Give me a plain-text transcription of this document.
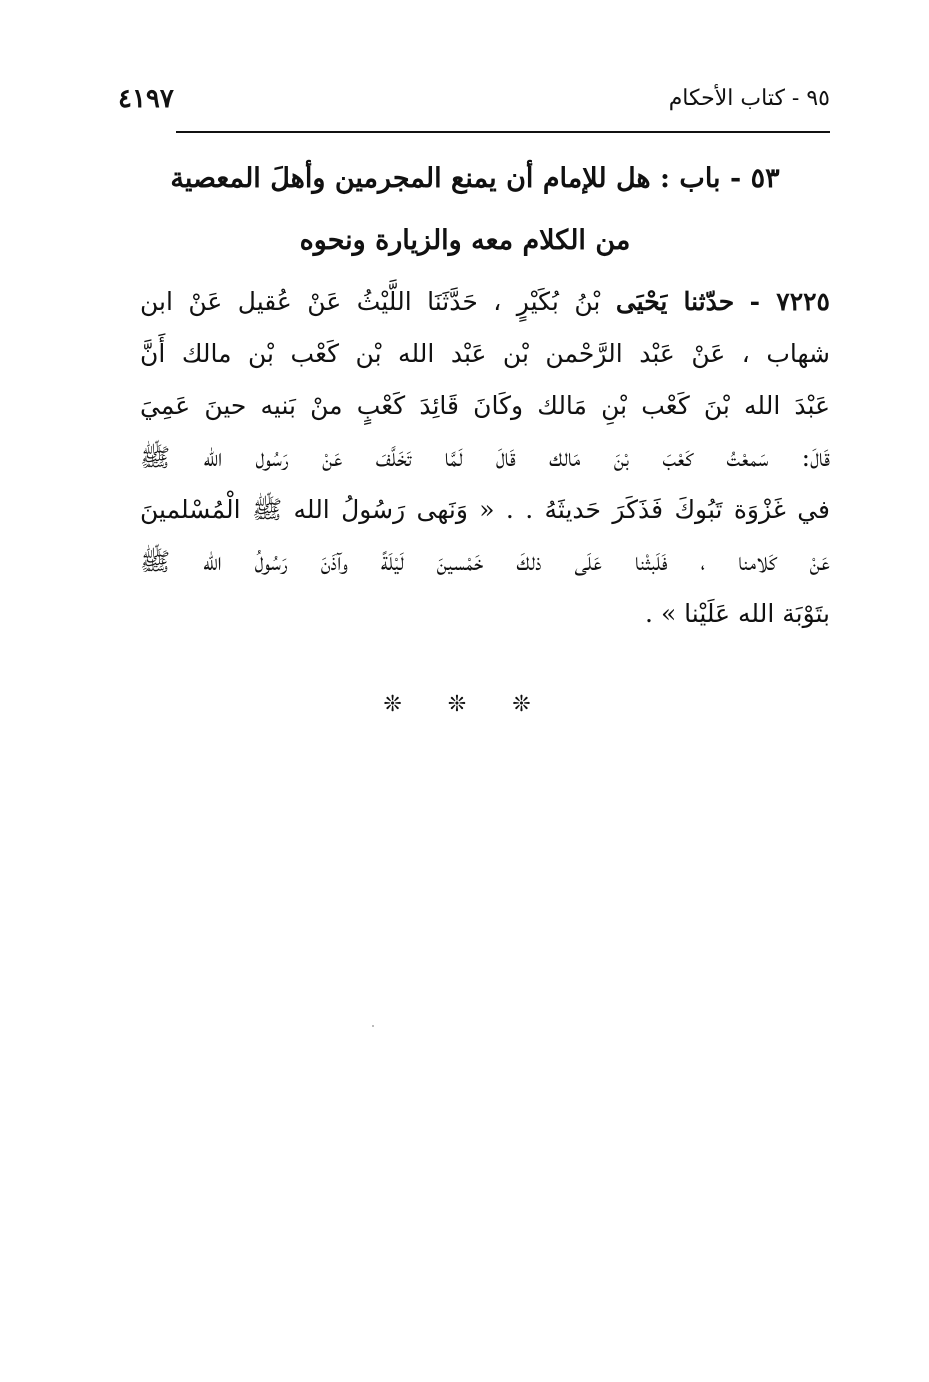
٩٥ - كتاب الأحكام
٤١٩٧
٥٣ - باب : هل للإمام أن يمنع المجرمين وأهلَ المعصية
من الكلام معه والزيارة ونحوه
٧٢٢٥ - حدّثنا يَحْيَى بْنُ بُكَيْرٍ ، حَدَّثَنَا اللَّيْثُ عَنْ عُقيل عَنْ ابن
شهاب ، عَنْ عَبْد الرَّحْمن بْن عَبْد الله بْن كَعْب بْن مالك أَنَّ
عَبْدَ الله بْنَ كَعْب بْنِ مَالك وكَانَ قَائِدَ كَعْبٍ منْ بَنيه حينَ عَمِيَ
قَالَ: سَمعْتُ كَعْبَ بْنَ مَالك قَالَ لَمَّا تَخَلَّفَ عَنْ رَسُول الله ﷺ
في غَزْوَة تَبُوكَ فَذَكَرَ حَديثَهُ . . « وَنَهى رَسُولُ الله ﷺ الْمُسْلمينَ
عَنْ كَلامنا ، فَلَبثْنا عَلَى ذلكَ خَمْسينَ لَيْلَةً وآذَنَ رَسُولُ الله ﷺ
بتَوْبَة الله عَلَيْنا » .
❊❊❊
